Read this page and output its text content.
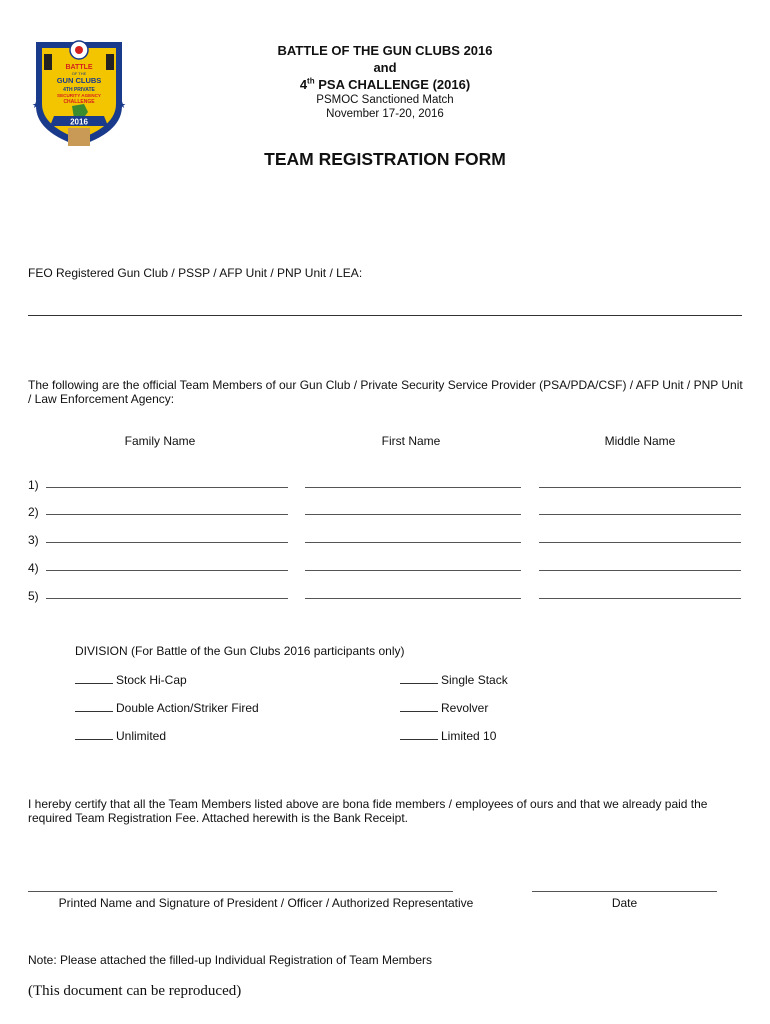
BATTLE
OF THE
GUN CLUBS
4TH PRIVATE
SECURITY AGENCY
CHALLENGE
★	★
2016
BATTLE OF THE GUN CLUBS 2016
and
4th PSA CHALLENGE (2016)
PSMOC Sanctioned Match
November 17-20, 2016
TEAM REGISTRATION FORM
FEO Registered Gun Club / PSSP / AFP Unit / PNP Unit / LEA:
The following are the official Team Members of our Gun Club / Private Security Service Provider (PSA/PDA/CSF) / AFP Unit / PNP Unit / Law Enforcement Agency:
Family Name	First Name	Middle Name
1)
2)
3)
4)
5)
DIVISION (For Battle of the Gun Clubs 2016 participants only)
Stock Hi-Cap
Double Action/Striker Fired
Unlimited
Single Stack
Revolver
Limited 10
I hereby certify that all the Team Members listed above are bona fide members / employees of ours and that we already paid the required Team Registration Fee. Attached herewith is the Bank Receipt.
Printed Name and Signature of President / Officer / Authorized Representative	Date
Note: Please attached the filled-up Individual Registration of Team Members
(This document can be reproduced)
